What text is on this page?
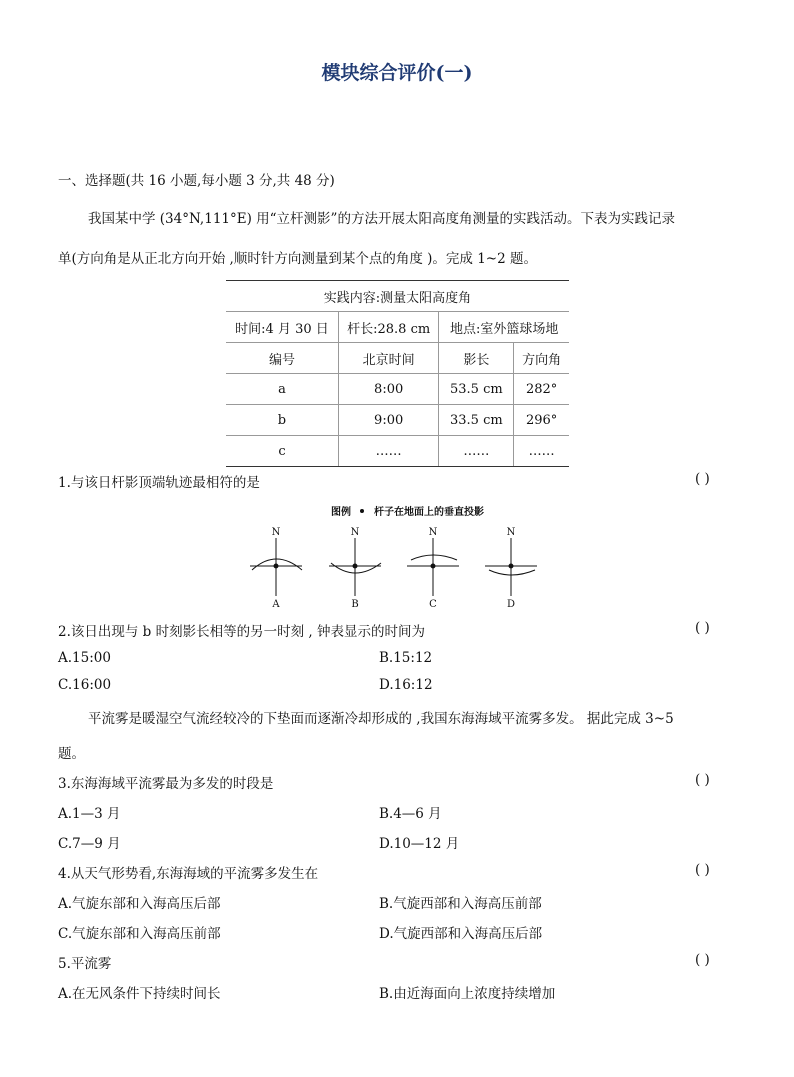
模块综合评价(一)
一、选择题(共 16 小题,每小题 3 分,共 48 分)
我国某中学 (34°N,111°E) 用“立杆测影”的方法开展太阳高度角测量的实践活动。下表为实践记录
单(方向角是从正北方向开始 ,顺时针方向测量到某个点的角度 )。完成 1~2 题。
实践内容:测量太阳高度角			
时间:4 月 30 日	杆长:28.8 cm	地点:室外篮球场地	
编号	北京时间	影长	方向角
a	8:00	53.5 cm	282°
b	9:00	33.5 cm	296°
c	……	……	……
1.与该日杆影顶端轨迹最相符的是	( )
图例 杆子在地面上的垂直投影
N
A
N
B
N
C
N
D
2.该日出现与 b 时刻影长相等的另一时刻 , 钟表显示的时间为	( )
A.15:00	B.15:12
C.16:00	D.16:12
平流雾是暖湿空气流经较冷的下垫面而逐渐冷却形成的 ,我国东海海域平流雾多发。 据此完成 3~5
题。
3.东海海域平流雾最为多发的时段是	( )
A.1—3 月	B.4—6 月
C.7—9 月	D.10—12 月
4.从天气形势看,东海海域的平流雾多发生在	( )
A.气旋东部和入海高压后部	B.气旋西部和入海高压前部
C.气旋东部和入海高压前部	D.气旋西部和入海高压后部
5.平流雾	( )
A.在无风条件下持续时间长	B.由近海面向上浓度持续增加
